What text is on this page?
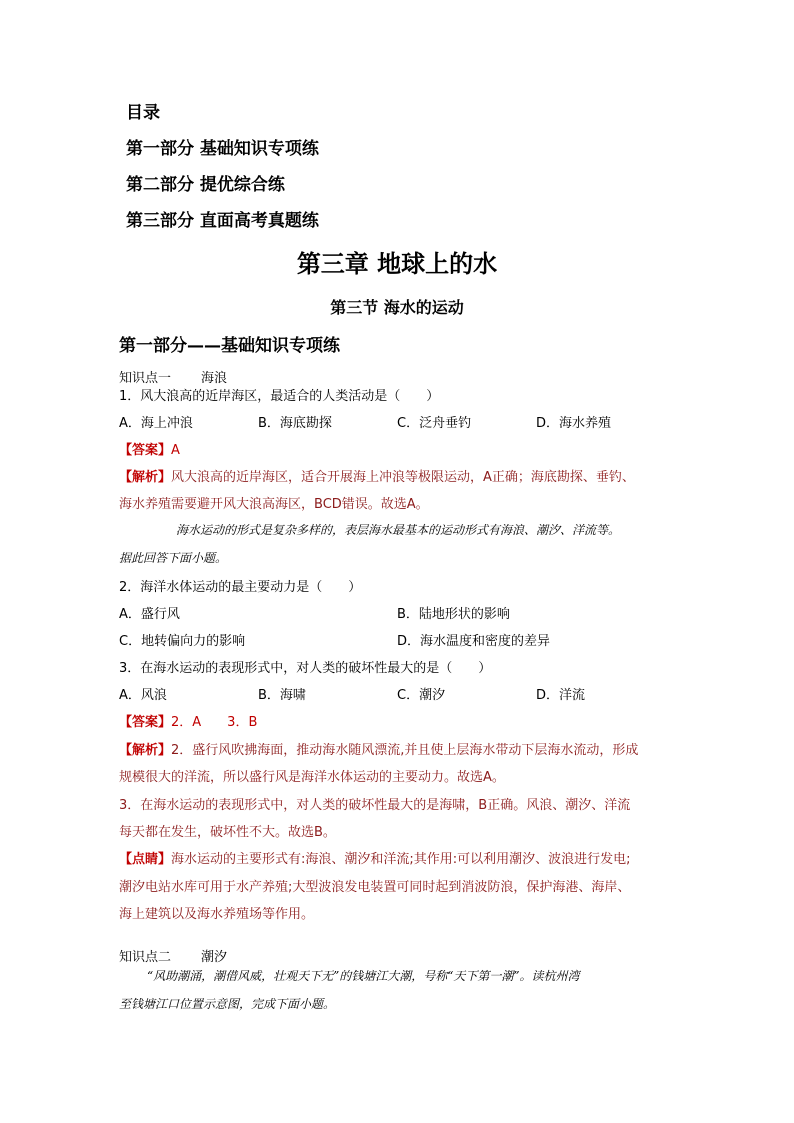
目录
第一部分 基础知识专项练
第二部分 提优综合练
第三部分 直面高考真题练
第三章 地球上的水
第三节 海水的运动
第一部分——基础知识专项练
知识点一 海浪
1．风大浪高的近岸海区，最适合的人类活动是（　　）
A．海上冲浪	B．海底勘探	C．泛舟垂钓	D．海水养殖
【答案】A
【解析】风大浪高的近岸海区，适合开展海上冲浪等极限运动，A正确；海底勘探、垂钓、
海水养殖需要避开风大浪高海区，BCD错误。故选A。
海水运动的形式是复杂多样的，表层海水最基本的运动形式有海浪、潮汐、洋流等。
据此回答下面小题。
2．海洋水体运动的最主要动力是（　　）
A．盛行风	B．陆地形状的影响
C．地转偏向力的影响	D．海水温度和密度的差异
3．在海水运动的表现形式中，对人类的破坏性最大的是（　　）
A．风浪	B．海啸	C．潮汐	D．洋流
【答案】2．A　　3．B
【解析】2．盛行风吹拂海面，推动海水随风漂流,并且使上层海水带动下层海水流动，形成
规模很大的洋流，所以盛行风是海洋水体运动的主要动力。故选A。
3．在海水运动的表现形式中，对人类的破坏性最大的是海啸，B正确。风浪、潮汐、洋流
每天都在发生，破坏性不大。故选B。
【点睛】海水运动的主要形式有:海浪、潮汐和洋流;其作用:可以利用潮汐、波浪进行发电;
潮汐电站水库可用于水产养殖;大型波浪发电装置可同时起到消波防浪，保护海港、海岸、
海上建筑以及海水养殖场等作用。
知识点二 潮汐
“风助潮涌，潮借风威，壮观天下无”的钱塘江大潮，号称“天下第一潮”。读杭州湾
至钱塘江口位置示意图，完成下面小题。
